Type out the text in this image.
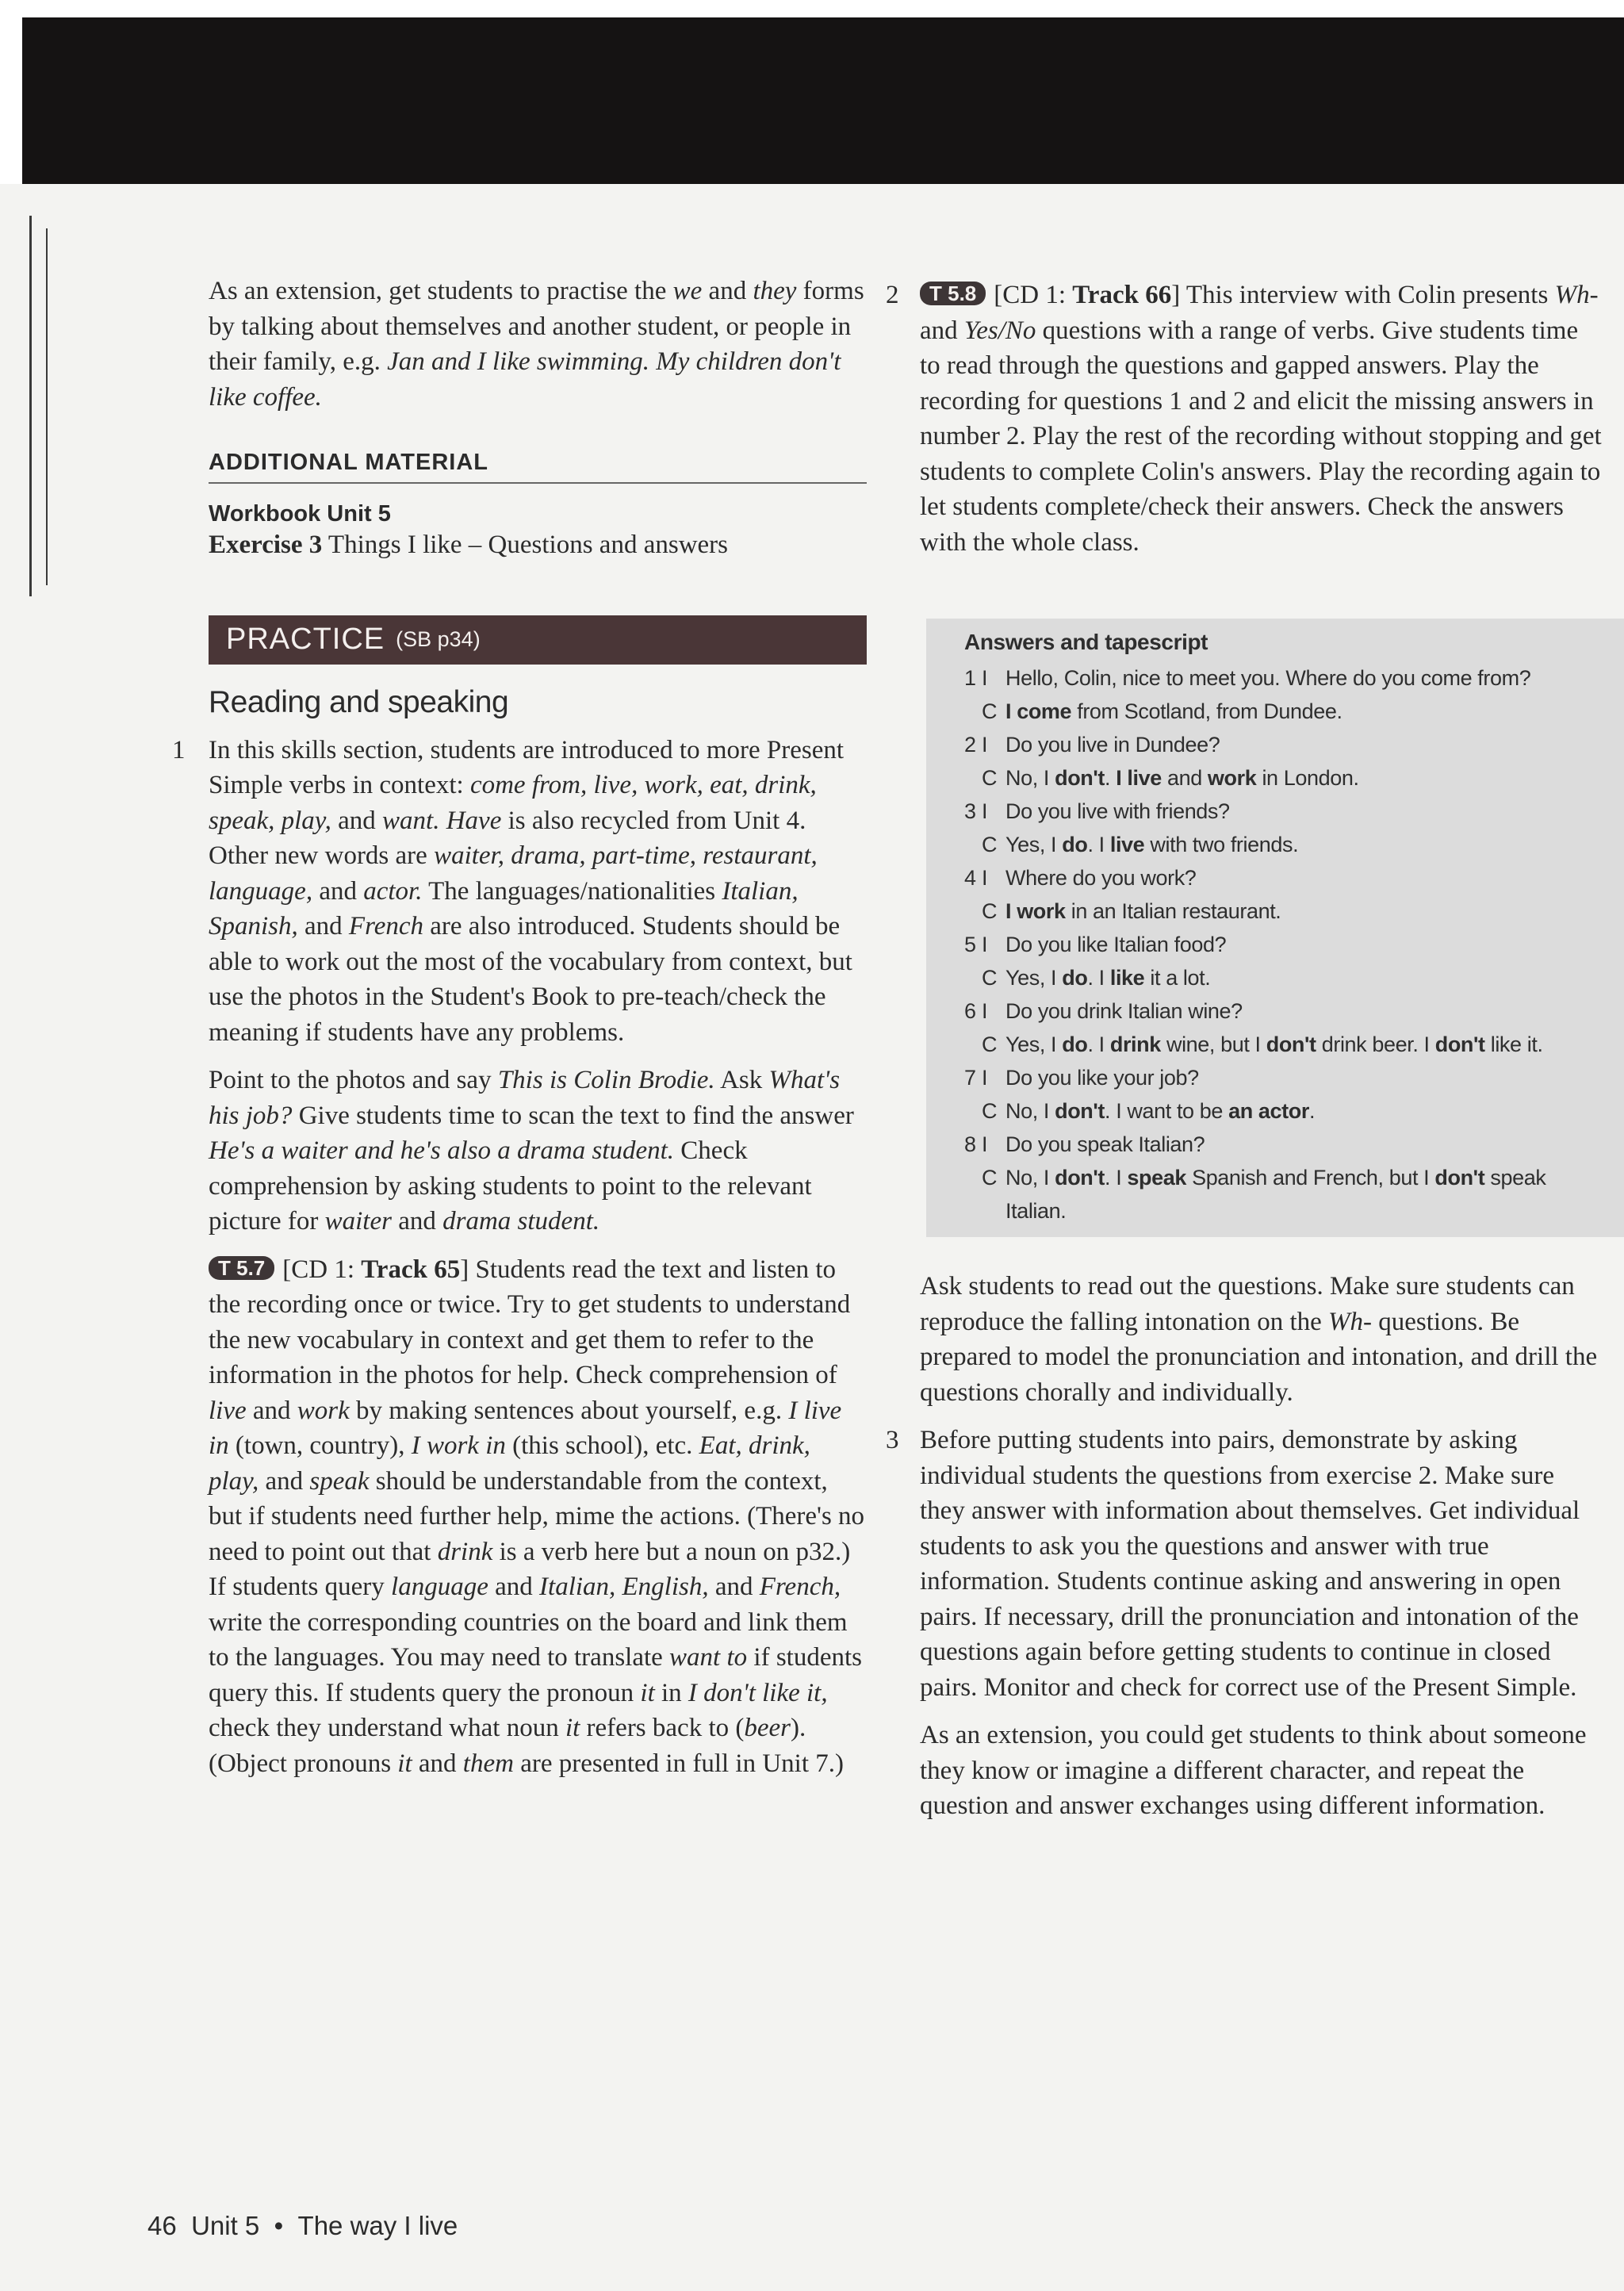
As an extension, get students to practise the we and they forms by talking about themselves and another student, or people in their family, e.g. Jan and I like swimming. My children don't like coffee.

ADDITIONAL MATERIAL
Workbook Unit 5

Exercise 3 Things I like – Questions and answers

PRACTICE (SB p34)
Reading and speaking
1 In this skills section, students are introduced to more Present Simple verbs in context: come from, live, work, eat, drink, speak, play, and want. Have is also recycled from Unit 4. Other new words are waiter, drama, part-time, restaurant, language, and actor. The languages/nationalities Italian, Spanish, and French are also introduced. Students should be able to work out the most of the vocabulary from context, but use the photos in the Student's Book to pre-teach/check the meaning if students have any problems.

Point to the photos and say This is Colin Brodie. Ask What's his job? Give students time to scan the text to find the answer He's a waiter and he's also a drama student. Check comprehension by asking students to point to the relevant picture for waiter and drama student.

T 5.7 [CD 1: Track 65] Students read the text and listen to the recording once or twice. Try to get students to understand the new vocabulary in context and get them to refer to the information in the photos for help. Check comprehension of live and work by making sentences about yourself, e.g. I live in (town, country), I work in (this school), etc. Eat, drink, play, and speak should be understandable from the context, but if students need further help, mime the actions. (There's no need to point out that drink is a verb here but a noun on p32.) If students query language and Italian, English, and French, write the corresponding countries on the board and link them to the languages. You may need to translate want to if students query this. If students query the pronoun it in I don't like it, check they understand what noun it refers back to (beer). (Object pronouns it and them are presented in full in Unit 7.)

2	T 5.8 [CD 1: Track 66] This interview with Colin presents Wh- and Yes/No questions with a range of verbs. Give students time to read through the questions and gapped answers. Play the recording for questions 1 and 2 and elicit the missing answers in number 2. Play the rest of the recording without stopping and get students to complete Colin's answers. Play the recording again to let students complete/check their answers. Check the answers with the whole class.

Answers and tapescript
1 I Hello, Colin, nice to meet you. Where do you come from?
C I come from Scotland, from Dundee.
2 I Do you live in Dundee?
C No, I don't. I live and work in London.
3 I Do you live with friends?
C Yes, I do. I live with two friends.
4 I Where do you work?
C I work in an Italian restaurant.
5 I Do you like Italian food?
C Yes, I do. I like it a lot.
6 I Do you drink Italian wine?
C Yes, I do. I drink wine, but I don't drink beer. I don't like it.
7 I Do you like your job?
C No, I don't. I want to be an actor.
8 I Do you speak Italian?
C No, I don't. I speak Spanish and French, but I don't speak
Italian.

Ask students to read out the questions. Make sure students can reproduce the falling intonation on the Wh- questions. Be prepared to model the pronunciation and intonation, and drill the questions chorally and individually.

3 Before putting students into pairs, demonstrate by asking individual students the questions from exercise 2. Make sure they answer with information about themselves. Get individual students to ask you the questions and answer with true information. Students continue asking and answering in open pairs. If necessary, drill the pronunciation and intonation of the questions again before getting students to continue in closed pairs. Monitor and check for correct use of the Present Simple.

As an extension, you could get students to think about someone they know or imagine a different character, and repeat the question and answer exchanges using different information.

46 Unit 5 • The way I live
